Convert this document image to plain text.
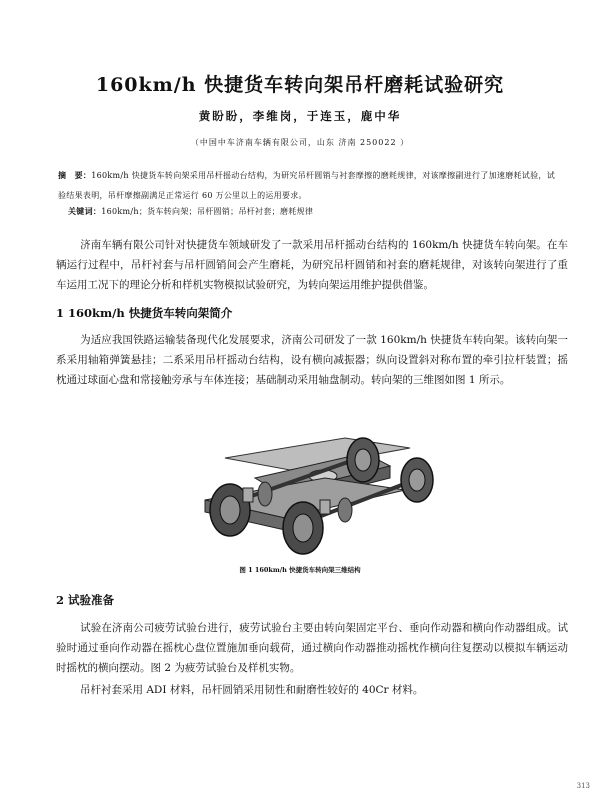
160km/h 快捷货车转向架吊杆磨耗试验研究
黄盼盼，李维岗，于连玉，鹿中华
（中国中车济南车辆有限公司，山东 济南 250022 ）
摘　要：160km/h 快捷货车转向架采用吊杆摇动台结构，为研究吊杆圆销与衬套摩擦的磨耗规律，对该摩擦副进行了加速磨耗试验，试验结果表明，吊杆摩擦副满足正常运行 60 万公里以上的运用要求。
关键词：160km/h；货车转向架；吊杆圆销；吊杆衬套；磨耗规律
济南车辆有限公司针对快捷货车领域研发了一款采用吊杆摇动台结构的 160km/h 快捷货车转向架。在车辆运行过程中，吊杆衬套与吊杆圆销间会产生磨耗，为研究吊杆圆销和衬套的磨耗规律，对该转向架进行了重车运用工况下的理论分析和样机实物模拟试验研究，为转向架运用维护提供借鉴。
1 160km/h 快捷货车转向架简介
为适应我国铁路运输装备现代化发展要求，济南公司研发了一款 160km/h 快捷货车转向架。该转向架一系采用轴箱弹簧悬挂；二系采用吊杆摇动台结构，设有横向减振器；纵向设置斜对称布置的牵引拉杆装置；摇枕通过球面心盘和常接触旁承与车体连接；基础制动采用轴盘制动。转向架的三维图如图 1 所示。
图 1 160km/h 快捷货车转向架三维结构
2 试验准备
试验在济南公司疲劳试验台进行，疲劳试验台主要由转向架固定平台、垂向作动器和横向作动器组成。试验时通过垂向作动器在摇枕心盘位置施加垂向载荷，通过横向作动器推动摇枕作横向往复摆动以模拟车辆运动时摇枕的横向摆动。图 2 为疲劳试验台及样机实物。
吊杆衬套采用 ADI 材料，吊杆圆销采用韧性和耐磨性较好的 40Cr 材料。
313
